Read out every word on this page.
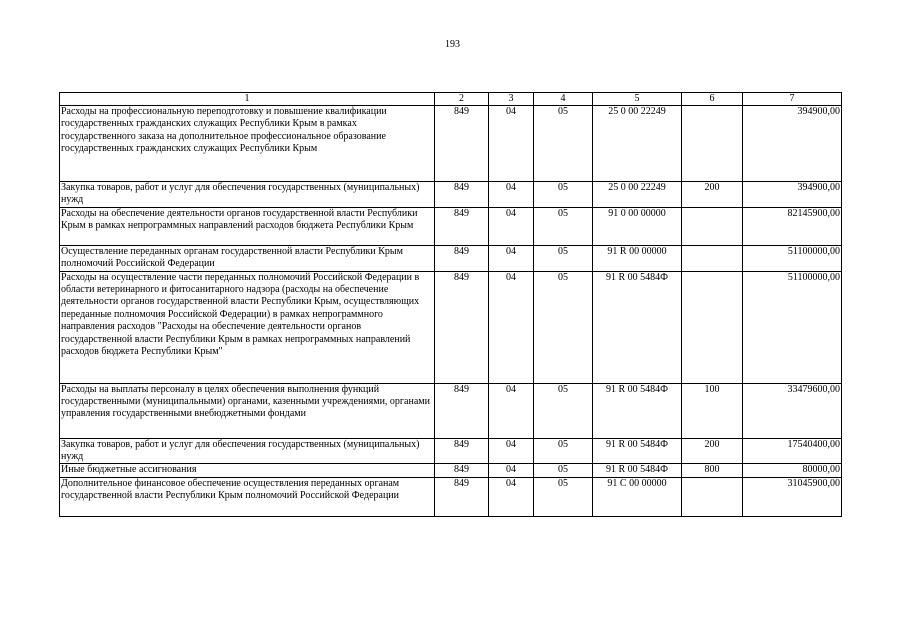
193
1	2	3	4	5	6	7
Расходы на профессиональную переподготовку и повышение квалификации государственных гражданских служащих Республики Крым в рамках государственного заказа на дополнительное профессиональное образование государственных гражданских служащих Республики Крым	849	04	05	25 0 00 22249		394900,00
Закупка товаров, работ и услуг для обеспечения государственных (муниципальных) нужд	849	04	05	25 0 00 22249	200	394900,00
Расходы на обеспечение деятельности органов государственной власти Республики Крым в рамках непрограммных направлений расходов бюджета Республики Крым	849	04	05	91 0 00 00000		82145900,00
Осуществление переданных органам государственной власти Республики Крым полномочий Российской Федерации	849	04	05	91 R 00 00000		51100000,00
Расходы на осуществление части переданных полномочий Российской Федерации в области ветеринарного и фитосанитарного надзора (расходы на обеспечение деятельности органов государственной власти Республики Крым, осуществляющих переданные полномочия Российской Федерации) в рамках непрограммного направления расходов "Расходы на обеспечение деятельности органов государственной власти Республики Крым в рамках непрограммных направлений расходов бюджета Республики Крым"	849	04	05	91 R 00 5484Ф		51100000,00
Расходы на выплаты персоналу в целях обеспечения выполнения функций государственными (муниципальными) органами, казенными учреждениями, органами управления государственными внебюджетными фондами	849	04	05	91 R 00 5484Ф	100	33479600,00
Закупка товаров, работ и услуг для обеспечения государственных (муниципальных) нужд	849	04	05	91 R 00 5484Ф	200	17540400,00
Иные бюджетные ассигнования	849	04	05	91 R 00 5484Ф	800	80000,00
Дополнительное финансовое обеспечение осуществления переданных органам государственной власти Республики Крым полномочий Российской Федерации	849	04	05	91 С 00 00000		31045900,00
